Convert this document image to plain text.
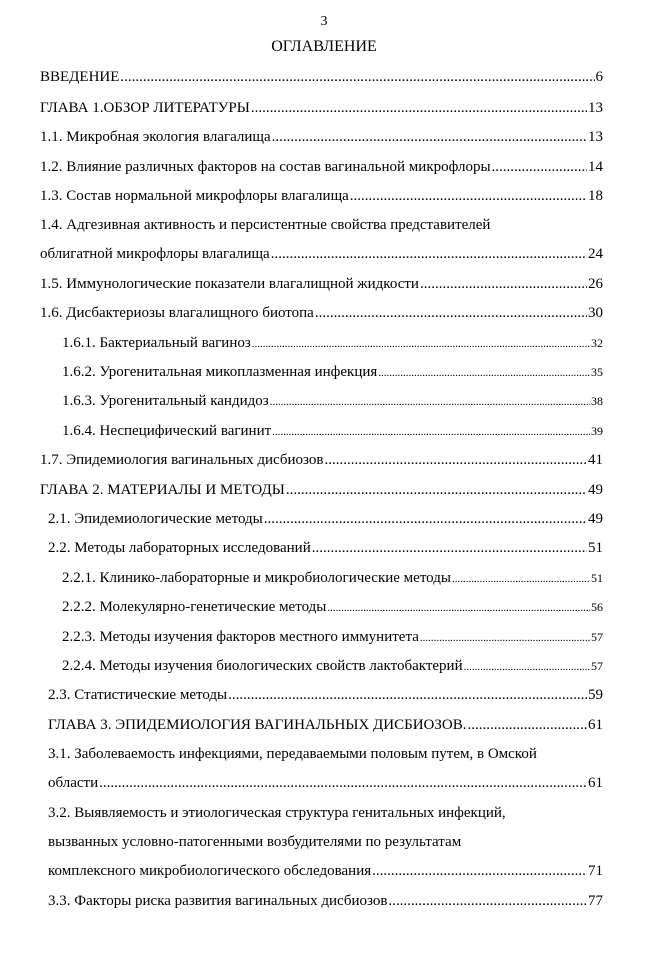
3
ОГЛАВЛЕНИЕ
ВВЕДЕНИЕ .....	6
ГЛАВА 1.ОБЗОР ЛИТЕРАТУРЫ .....	13
1.1. Микробная экология влагалища .....	13
1.2. Влияние различных факторов на состав вагинальной микрофлоры .....	14
1.3. Состав нормальной микрофлоры влагалища .....	18
1.4. Адгезивная активность и персистентные свойства представителей
облигатной микрофлоры влагалища .....	24
1.5. Иммунологические показатели влагалищной жидкости .....	26
1.6. Дисбактериозы влагалищного биотопа .....	30
1.6.1. Бактериальный вагиноз .....	32
1.6.2. Урогенитальная микоплазменная инфекция .....	35
1.6.3. Урогенитальный кандидоз .....	38
1.6.4. Неспецифический вагинит .....	39
1.7. Эпидемиология вагинальных дисбиозов .....	41
ГЛАВА 2. МАТЕРИАЛЫ И МЕТОДЫ .....	49
2.1. Эпидемиологические методы .....	49
2.2. Методы лабораторных исследований .....	51
2.2.1. Клинико-лабораторные и микробиологические методы .....	51
2.2.2. Молекулярно-генетические методы .....	56
2.2.3. Методы изучения факторов местного иммунитета .....	57
2.2.4. Методы изучения биологических свойств лактобактерий .....	57
2.3. Статистические методы .....	59
ГЛАВА 3. ЭПИДЕМИОЛОГИЯ ВАГИНАЛЬНЫХ ДИСБИОЗОВ. .....	61
3.1. Заболеваемость инфекциями, передаваемыми половым путем, в Омской
области .....	61
3.2. Выявляемость и этиологическая структура генитальных инфекций,
вызванных условно-патогенными возбудителями по результатам
комплексного микробиологического обследования .....	71
3.3. Факторы риска развития вагинальных дисбиозов .....	77
